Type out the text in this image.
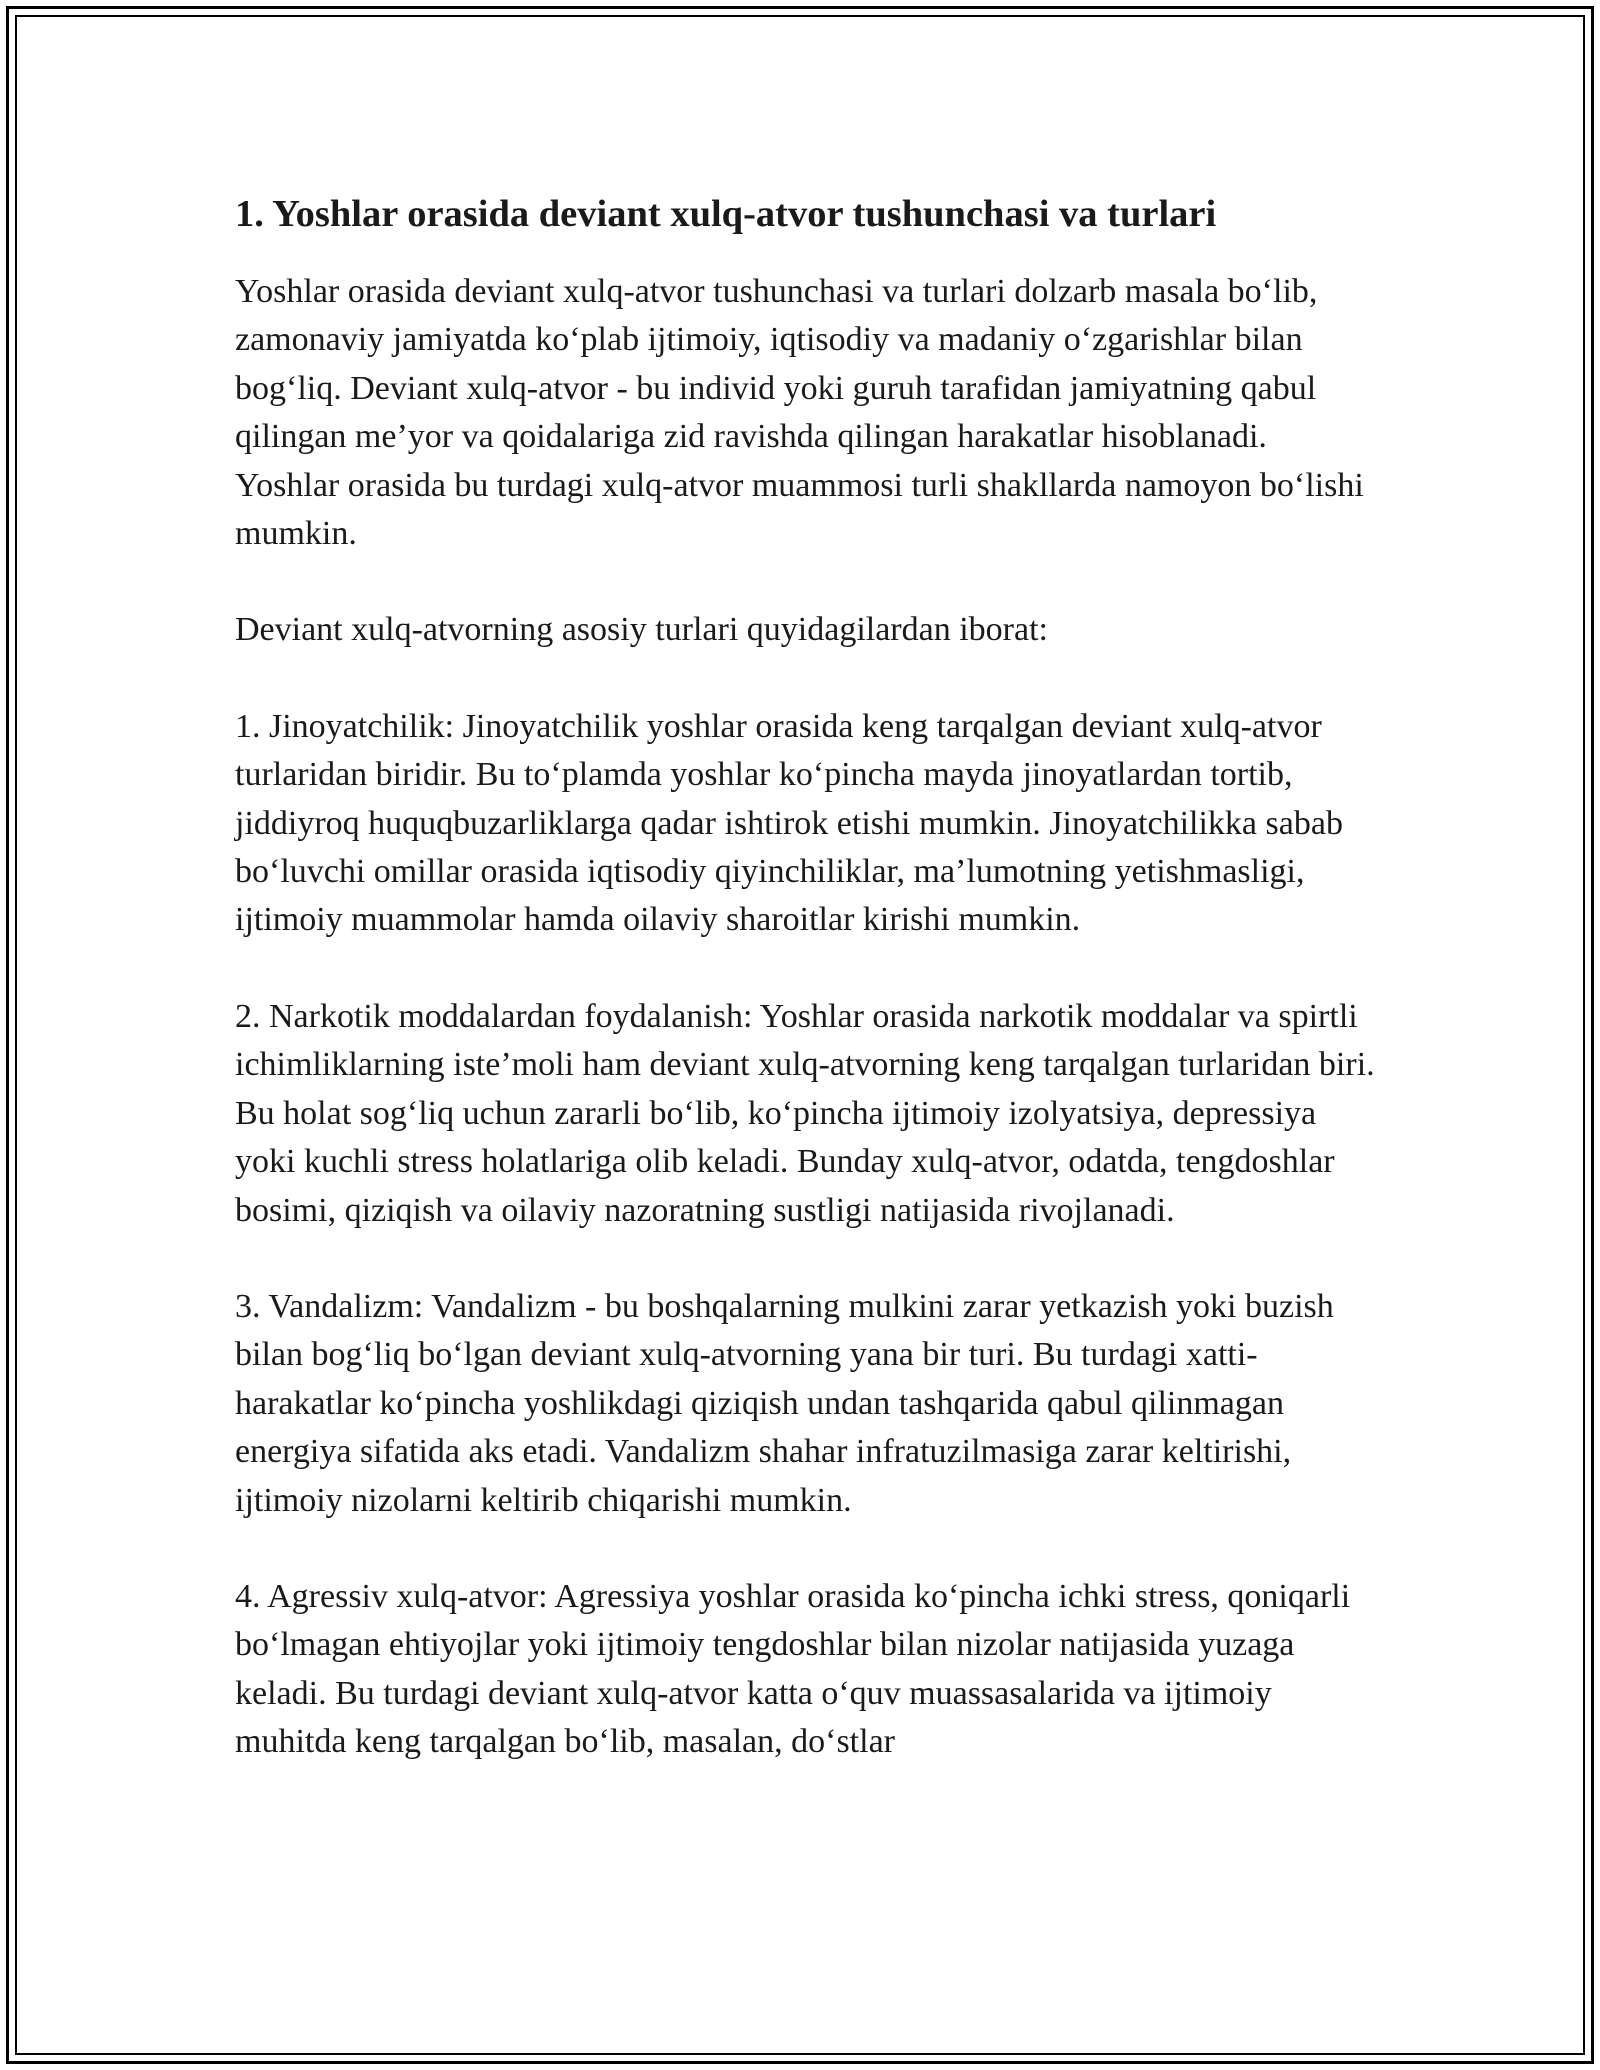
1. Yoshlar orasida deviant xulq-atvor tushunchasi va turlari

Yoshlar orasida deviant xulq-atvor tushunchasi va turlari dolzarb masala boʻlib, zamonaviy jamiyatda koʻplab ijtimoiy, iqtisodiy va madaniy oʻzgarishlar bilan bogʻliq. Deviant xulq-atvor - bu individ yoki guruh tarafidan jamiyatning qabul qilingan me’yor va qoidalariga zid ravishda qilingan harakatlar hisoblanadi. Yoshlar orasida bu turdagi xulq-atvor muammosi turli shakllarda namoyon boʻlishi mumkin.

Deviant xulq-atvorning asosiy turlari quyidagilardan iborat:

1. Jinoyatchilik: Jinoyatchilik yoshlar orasida keng tarqalgan deviant xulq-atvor turlaridan biridir. Bu toʻplamda yoshlar koʻpincha mayda jinoyatlardan tortib, jiddiyroq huquqbuzarliklarga qadar ishtirok etishi mumkin. Jinoyatchilikka sabab boʻluvchi omillar orasida iqtisodiy qiyinchiliklar, ma’lumotning yetishmasligi, ijtimoiy muammolar hamda oilaviy sharoitlar kirishi mumkin.

2. Narkotik moddalardan foydalanish: Yoshlar orasida narkotik moddalar va spirtli ichimliklarning iste’moli ham deviant xulq-atvorning keng tarqalgan turlaridan biri. Bu holat sogʻliq uchun zararli boʻlib, koʻpincha ijtimoiy izolyatsiya, depressiya yoki kuchli stress holatlariga olib keladi. Bunday xulq-atvor, odatda, tengdoshlar bosimi, qiziqish va oilaviy nazoratning sustligi natijasida rivojlanadi.

3. Vandalizm: Vandalizm - bu boshqalarning mulkini zarar yetkazish yoki buzish bilan bogʻliq boʻlgan deviant xulq-atvorning yana bir turi. Bu turdagi xatti-harakatlar koʻpincha yoshlikdagi qiziqish undan tashqarida qabul qilinmagan energiya sifatida aks etadi. Vandalizm shahar infratuzilmasiga zarar keltirishi, ijtimoiy nizolarni keltirib chiqarishi mumkin.

4. Agressiv xulq-atvor: Agressiya yoshlar orasida koʻpincha ichki stress, qoniqarli boʻlmagan ehtiyojlar yoki ijtimoiy tengdoshlar bilan nizolar natijasida yuzaga keladi. Bu turdagi deviant xulq-atvor katta oʻquv muassasalarida va ijtimoiy muhitda keng tarqalgan boʻlib, masalan, doʻstlar
